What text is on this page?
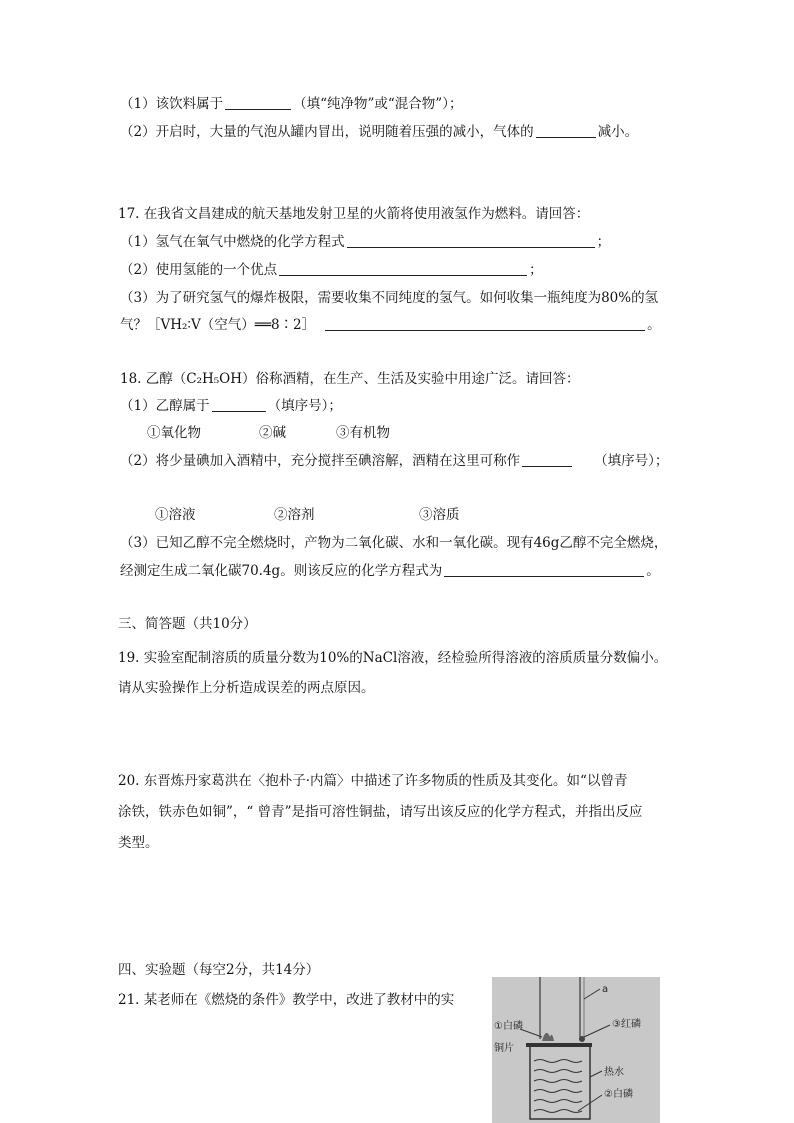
（1）该饮料属于	（填“纯净物”或“混合物”）；
（2）开启时，大量的气泡从罐内冒出，说明随着压强的减小，气体的	减小。
17. 在我省文昌建成的航天基地发射卫星的火箭将使用液氢作为燃料。请回答：
（1）氢气在氧气中燃烧的化学方程式	；
（2）使用氢能的一个优点	；
（3）为了研究氢气的爆炸极限，需要收集不同纯度的氢气。如何收集一瓶纯度为80%的氢
气？［VH₂∶V（空气）══8∶2］	。
18. 乙醇（C₂H₅OH）俗称酒精，在生产、生活及实验中用途广泛。请回答：
（1）乙醇属于	（填序号）；
①氧化物	②碱	③有机物
（2）将少量碘加入酒精中，充分搅拌至碘溶解，酒精在这里可称作	（填序号）；
①溶液	②溶剂	③溶质
（3）已知乙醇不完全燃烧时，产物为二氧化碳、水和一氧化碳。现有46g乙醇不完全燃烧，
经测定生成二氧化碳70.4g。则该反应的化学方程式为	。
三、简答题（共10分）
19. 实验室配制溶质的质量分数为10%的NaCl溶液，经检验所得溶液的溶质质量分数偏小。
请从实验操作上分析造成误差的两点原因。
20. 东晋炼丹家葛洪在〈抱朴子·内篇〉中描述了许多物质的性质及其变化。如“以曾青
涂铁，铁赤色如铜”，“ 曾青”是指可溶性铜盐，请写出该反应的化学方程式，并指出反应
类型。
四、实验题（每空2分，共14分）
21. 某老师在《燃烧的条件》教学中，改进了教材中的实
a
①白磷	③红磷
铜片
热水
②白磷
